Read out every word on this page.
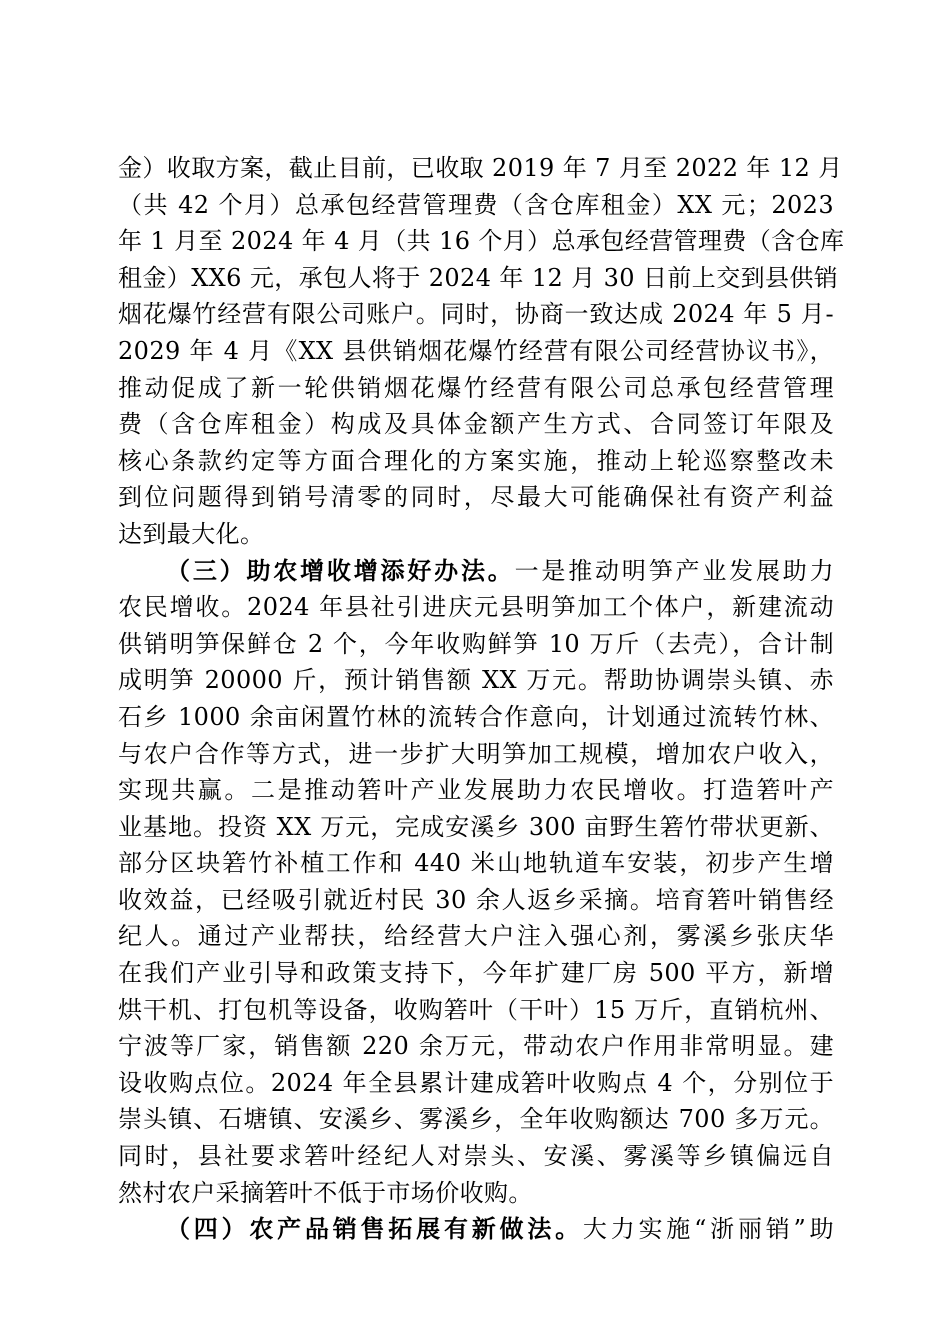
金）收取方案，截止目前，已收取 2019 年 7 月至 2022 年 12 月
（共 42 个月）总承包经营管理费（含仓库租金）XX 元；2023
年 1 月至 2024 年 4 月（共 16 个月）总承包经营管理费（含仓库
租金）XX6 元，承包人将于 2024 年 12 月 30 日前上交到县供销
烟花爆竹经营有限公司账户。同时，协商一致达成 2024 年 5 月-
2029 年 4 月《XX 县供销烟花爆竹经营有限公司经营协议书》，
推动促成了新一轮供销烟花爆竹经营有限公司总承包经营管理
费（含仓库租金）构成及具体金额产生方式、合同签订年限及
核心条款约定等方面合理化的方案实施，推动上轮巡察整改未
到位问题得到销号清零的同时，尽最大可能确保社有资产利益
达到最大化。
（三）助农增收增添好办法。一是推动明笋产业发展助力
农民增收。2024 年县社引进庆元县明笋加工个体户，新建流动
供销明笋保鲜仓 2 个，今年收购鲜笋 10 万斤（去壳），合计制
成明笋 20000 斤，预计销售额 XX 万元。帮助协调崇头镇、赤
石乡 1000 余亩闲置竹林的流转合作意向，计划通过流转竹林、
与农户合作等方式，进一步扩大明笋加工规模，增加农户收入，
实现共赢。二是推动箬叶产业发展助力农民增收。打造箬叶产
业基地。投资 XX 万元，完成安溪乡 300 亩野生箬竹带状更新、
部分区块箬竹补植工作和 440 米山地轨道车安装，初步产生增
收效益，已经吸引就近村民 30 余人返乡采摘。培育箬叶销售经
纪人。通过产业帮扶，给经营大户注入强心剂，雾溪乡张庆华
在我们产业引导和政策支持下，今年扩建厂房 500 平方，新增
烘干机、打包机等设备，收购箬叶（干叶）15 万斤，直销杭州、
宁波等厂家，销售额 220 余万元，带动农户作用非常明显。建
设收购点位。2024 年全县累计建成箬叶收购点 4 个，分别位于
崇头镇、石塘镇、安溪乡、雾溪乡，全年收购额达 700 多万元。
同时，县社要求箬叶经纪人对崇头、安溪、雾溪等乡镇偏远自
然村农户采摘箬叶不低于市场价收购。
（四）农产品销售拓展有新做法。大力实施“浙丽销”助
